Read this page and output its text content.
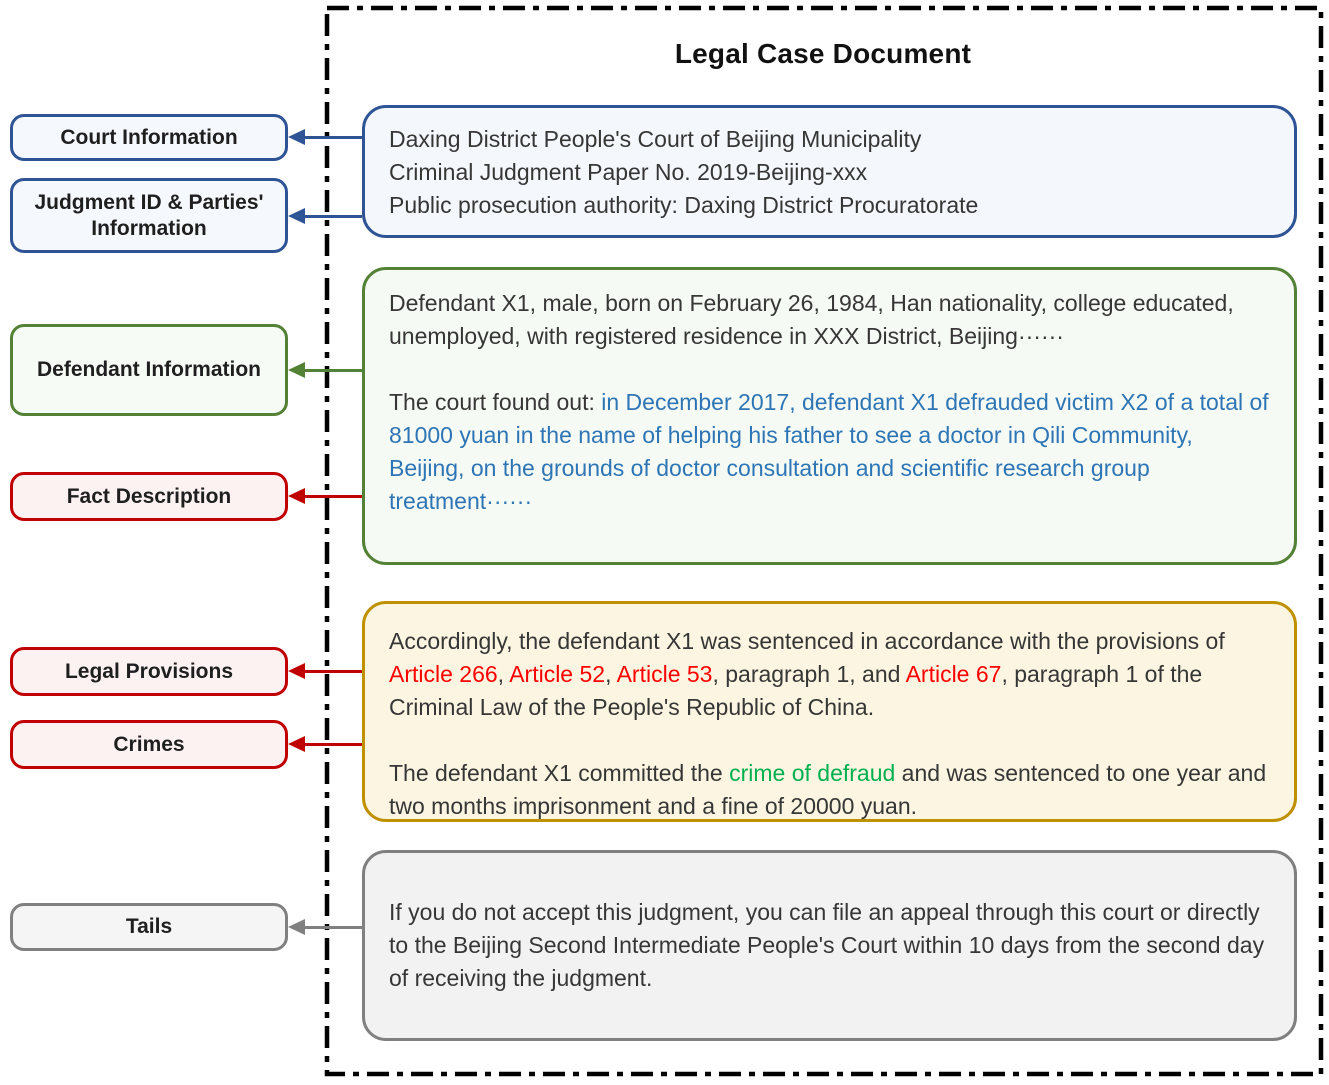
Legal Case Document

Daxing District People's Court of Beijing Municipality

Criminal Judgment Paper No. 2019-Beijing-xxx

Public prosecution authority: Daxing District Procuratorate

Defendant X1, male, born on February 26, 1984, Han nationality, college educated, unemployed, with registered residence in XXX District, Beijing······

The court found out: in December 2017, defendant X1 defrauded victim X2 of a total of 81000 yuan in the name of helping his father to see a doctor in Qili Community, Beijing, on the grounds of doctor consultation and scientific research group treatment······

Accordingly, the defendant X1 was sentenced in accordance with the provisions of Article 266, Article 52, Article 53, paragraph 1, and Article 67, paragraph 1 of the Criminal Law of the People's Republic of China.

The defendant X1 committed the crime of defraud and was sentenced to one year and two months imprisonment and a fine of 20000 yuan.

If you do not accept this judgment, you can file an appeal through this court or directly to the Beijing Second Intermediate People's Court within 10 days from the second day of receiving the judgment.

Court Information
Judgment ID & Parties' Information
Defendant Information
Fact Description
Legal Provisions
Crimes
Tails
